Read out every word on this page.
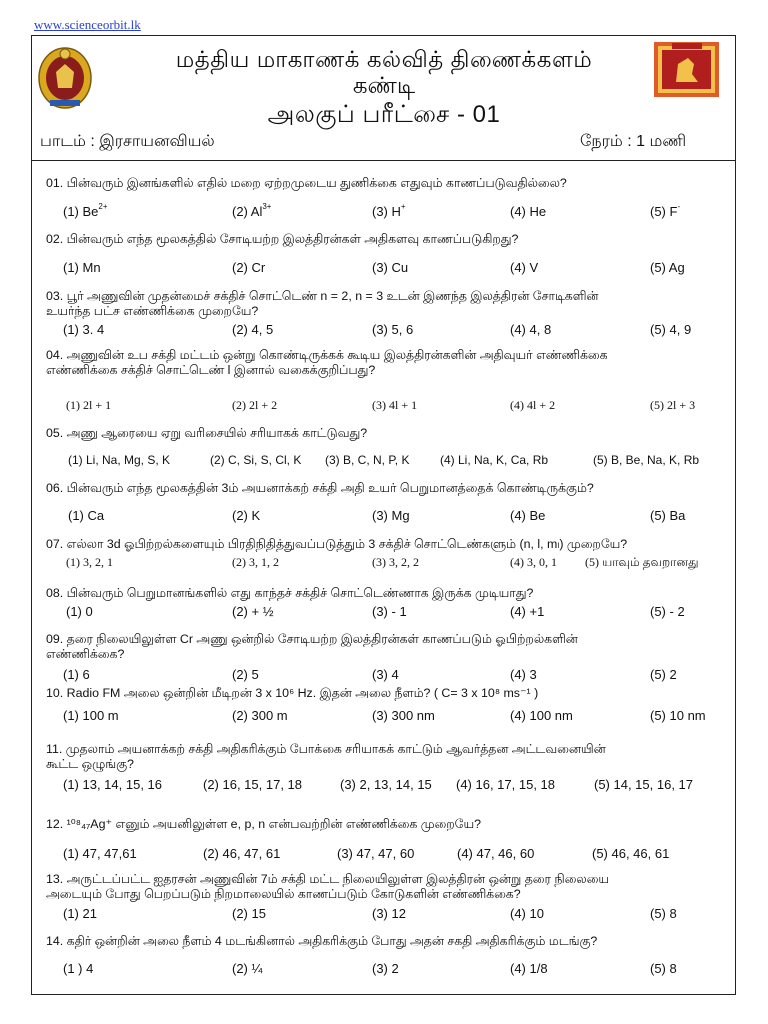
www.scienceorbit.lk
மத்திய மாகாணக் கல்வித் திணைக்களம்
கண்டி
அலகுப் பரீட்சை - 01
பாடம் : இரசாயனவியல்	நேரம் : 1 மணி
01. பின்வரும் இனங்களில் எதில் மறை ஏற்றமுடைய துணிக்கை எதுவும் காணப்படுவதில்லை?
(1) $Be^{2+}$	(2) $Al^{3+}$	(3) H+	(4) He	(5) F-
02. பின்வரும் எந்த மூலகத்தில் சோடியற்ற இலத்திரன்கள் அதிகளவு காணப்படுகிறது?
(1) Mn	(2) Cr	(3) Cu	(4) V	(5) Ag
03. பூர் அணுவின் முதன்மைச் சக்திச் சொட்டெண் n = 2, n = 3 உடன் இணந்த இலத்திரன் சோடிகளின்
உயர்ந்த பட்ச எண்ணிக்கை முறையே?
(1) 3. 4	(2) 4, 5	(3) 5, 6	(4) 4, 8	(5) 4, 9
04. அணுவின் உப சக்தி மட்டம் ஒன்று கொண்டிருக்கக் கூடிய இலத்திரன்களின் அதிவுயர் எண்ணிக்கை
எண்ணிக்கை சக்திச் சொட்டெண் l இனால் வகைக்குறிப்பது?
(1) 2l + 1	(2) 2l + 2	(3) 4l + 1	(4) 4l + 2	(5) 2l + 3
05. அணு ஆரையை ஏறு வரிசையில் சரியாகக் காட்டுவது?
(1) Li, Na, Mg, S, K	(2) C, Si, S, Cl, K (3) B, C, N, P, K	(4) Li, Na, K, Ca, Rb	(5) B, Be, Na, K, Rb
06. பின்வரும் எந்த மூலகத்தின் 3ம் அயனாக்கற் சக்தி அதி உயர் பெறுமானத்தைக் கொண்டிருக்கும்?
(1) Ca	(2) K	(3) Mg	(4) Be	(5) Ba
07. எல்லா 3d ஓபிற்றல்களையும் பிரதிநிதித்துவப்படுத்தும் 3 சக்திச் சொட்டெண்களும் (n, l, mₗ) முறையே?
(1) 3, 2, 1	(2) 3, 1, 2	(3) 3, 2, 2	(4) 3, 0, 1 (5) யாவும் தவறானது
08. பின்வரும் பெறுமானங்களில் எது காந்தச் சக்திச் சொட்டெண்ணாக இருக்க முடியாது?
(1) 0	(2) + ½	(3) - 1	(4) +1	(5) - 2
09. தரை நிலையிலுள்ள Cr அணு ஒன்றில் சோடியற்ற இலத்திரன்கள் காணப்படும் ஓபிற்றல்களின்
எண்ணிக்கை?
(1) 6	(2) 5	(3) 4	(4) 3	(5) 2
10. Radio FM அலை ஒன்றின் மீடிறன் 3 x 10⁶ Hz. இதன் அலை நீளம்? ( C= 3 x 10⁸ ms⁻¹ )
(1) 100 m	(2) 300 m	(3) 300 nm	(4) 100 nm	(5) 10 nm
11. முதலாம் அயனாக்கற் சக்தி அதிகரிக்கும் போக்கை சரியாகக் காட்டும் ஆவர்த்தன அட்டவனையின்
கூட்ட ஒழுங்கு?
(1) 13, 14, 15, 16	(2) 16, 15, 17, 18	(3) 2, 13, 14, 15 (4) 16, 17, 15, 18	(5) 14, 15, 16, 17
12. ¹⁰⁸₄₇Ag⁺ எனும் அயனிலுள்ள e, p, n என்பவற்றின் எண்ணிக்கை முறையே?
(1) 47, 47,61	(2) 46, 47, 61	(3) 47, 47, 60	(4) 47, 46, 60	(5) 46, 46, 61
13. அருட்டப்பட்ட ஐதரசன் அணுவின் 7ம் சக்தி மட்ட நிலையிலுள்ள இலத்திரன் ஒன்று தரை நிலையை
அடையும் போது பெறப்படும் நிறமாலையில் காணப்படும் கோடுகளின் எண்ணிக்கை?
(1) 21	(2) 15	(3) 12	(4) 10	(5) 8
14. கதிர் ஒன்றின் அலை நீளம் 4 மடங்கினால் அதிகரிக்கும் போது அதன் சகதி அதிகரிக்கும் மடங்கு?
(1 ) 4	(2) ¼	(3) 2	(4) 1/8	(5) 8
